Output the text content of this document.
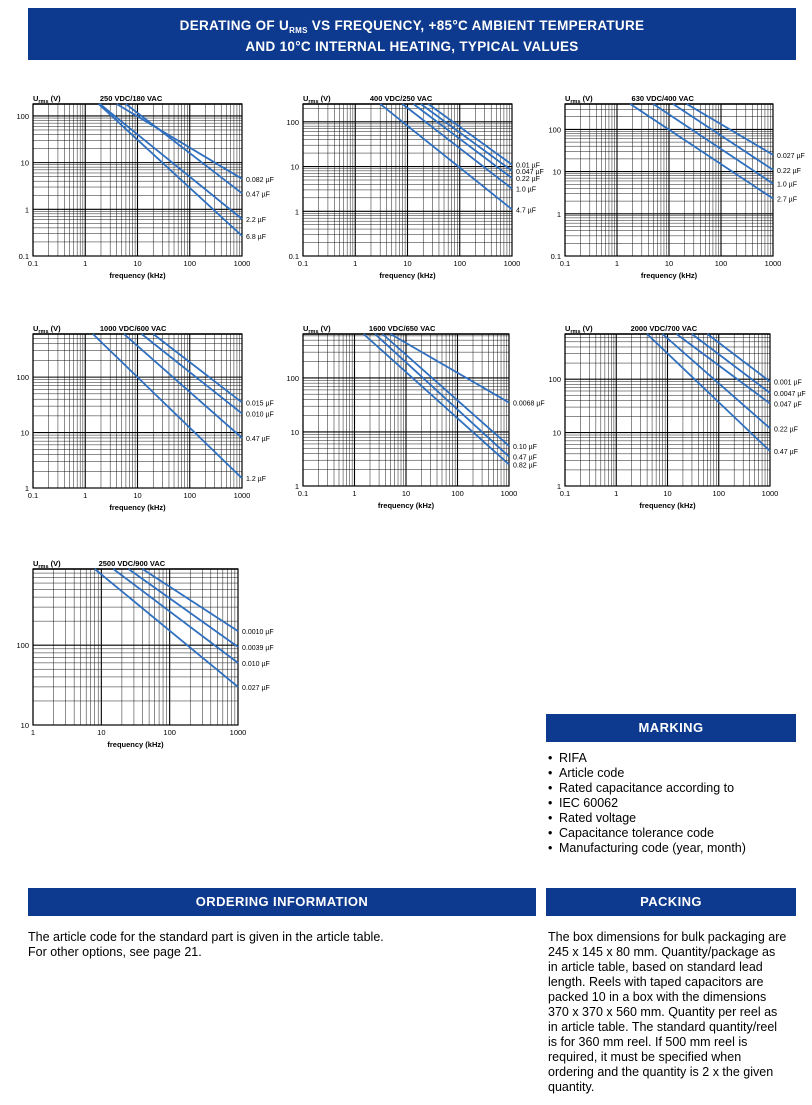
DERATING OF $U_{RMS}$ VS FREQUENCY, +85°C AMBIENT TEMPERATURE
AND 10°C INTERNAL HEATING, TYPICAL VALUES
0.1	1	10	100	1000
0.1
1
10
100
frequency (kHz)
$U_{rms}$ (V)	250 VDC/180 VAC
0.082 µF
0.47 µF
2.2 µF
6.8 µF
0.1	1	10	100	1000
0.1
1
10
100
frequency (kHz)
$U_{rms}$ (V)	400 VDC/250 VAC
0.01 µF
0.047 µF
0.22 µF
1.0 µF
4.7 µF
0.1	1	10	100	1000
0.1
1
10
100
frequency (kHz)
$U_{rms}$ (V)	630 VDC/400 VAC
0.027 µF
0.22 µF
1.0 µF
2.7 µF
0.1	1	10	100	1000
1
10
100
frequency (kHz)
$U_{rms}$ (V)	1000 VDC/600 VAC
0.015 µF
0.010 µF
0.47 µF
1.2 µF
0.1	1	10	100	1000
1
10
100
frequency (kHz)
$U_{rms}$ (V)	1600 VDC/650 VAC
0.0068 µF
0.10 µF
0.47 µF
0.82 µF
0.1	1	10	100	1000
1
10
100
frequency (kHz)
$U_{rms}$ (V)	2000 VDC/700 VAC
0.001 µF
0.0047 µF
0.047 µF
0.22 µF
0.47 µF
1	10	100	1000
10
100
frequency (kHz)
$U_{rms}$ (V)	2500 VDC/900 VAC
0.0010 µF
0.0039 µF
0.010 µF
0.027 µF
MARKING
• RIFA
• Article code
• Rated capacitance according to
• IEC 60062
• Rated voltage
• Capacitance tolerance code
• Manufacturing code (year, month)
ORDERING INFORMATION
The article code for the standard part is given in the article table.
For other options, see page 21.
PACKING
The box dimensions for bulk packaging are
245 x 145 x 80 mm. Quantity/package as
in article table, based on standard lead
length. Reels with taped capacitors are
packed 10 in a box with the dimensions
370 x 370 x 560 mm. Quantity per reel as
in article table. The standard quantity/reel
is for 360 mm reel. If 500 mm reel is
required, it must be specified when
ordering and the quantity is 2 x the given
quantity.
